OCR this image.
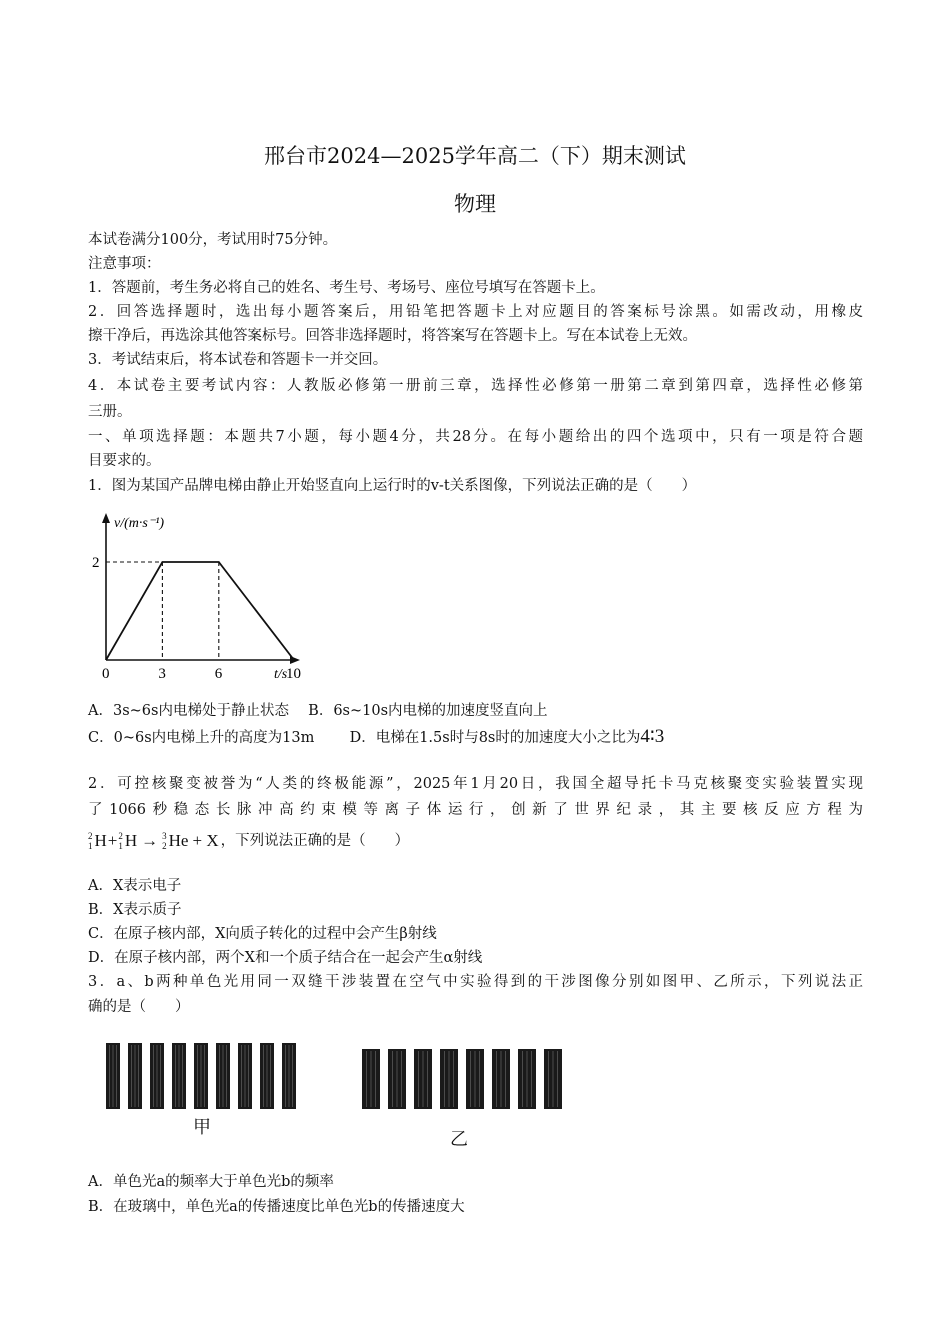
邢台市2024—2025学年高二（下）期末测试
物理
本试卷满分100分，考试用时75分钟。
注意事项：
1．答题前，考生务必将自己的姓名、考生号、考场号、座位号填写在答题卡上。
2．回答选择题时，选出每小题答案后，用铅笔把答题卡上对应题目的答案标号涂黑。如需改动，用橡皮
擦干净后，再选涂其他答案标号。回答非选择题时，将答案写在答题卡上。写在本试卷上无效。
3．考试结束后，将本试卷和答题卡一并交回。
4．本试卷主要考试内容：人教版必修第一册前三章，选择性必修第一册第二章到第四章，选择性必修第
三册。
一、单项选择题：本题共7小题，每小题4分，共28分。在每小题给出的四个选项中，只有一项是符合题
目要求的。
1．图为某国产品牌电梯由静止开始竖直向上运行时的v-t关系图像，下列说法正确的是（　　）
v/(m·s⁻¹)
t/s
0	3	6	10
2
A．3s~6s内电梯处于静止状态 B．6s~10s内电梯的加速度竖直向上
C．0~6s内电梯上升的高度为13m D．电梯在1.5s时与8s时的加速度大小之比为4∶3
2．可控核聚变被誉为“人类的终极能源”，2025年1月20日，我国全超导托卡马克核聚变实验装置实现
了1066秒稳态长脉冲高约束模等离子体运行，创新了世界纪录，其主要核反应方程为
2
1 H + 2
1 H → 3
2 He + X ，下列说法正确的是（　　）
A．X表示电子
B．X表示质子
C．在原子核内部，X向质子转化的过程中会产生β射线
D．在原子核内部，两个X和一个质子结合在一起会产生α射线
3．a、b两种单色光用同一双缝干涉装置在空气中实验得到的干涉图像分别如图甲、乙所示，下列说法正
确的是（　　）
甲
乙
A．单色光a的频率大于单色光b的频率
B．在玻璃中，单色光a的传播速度比单色光b的传播速度大
